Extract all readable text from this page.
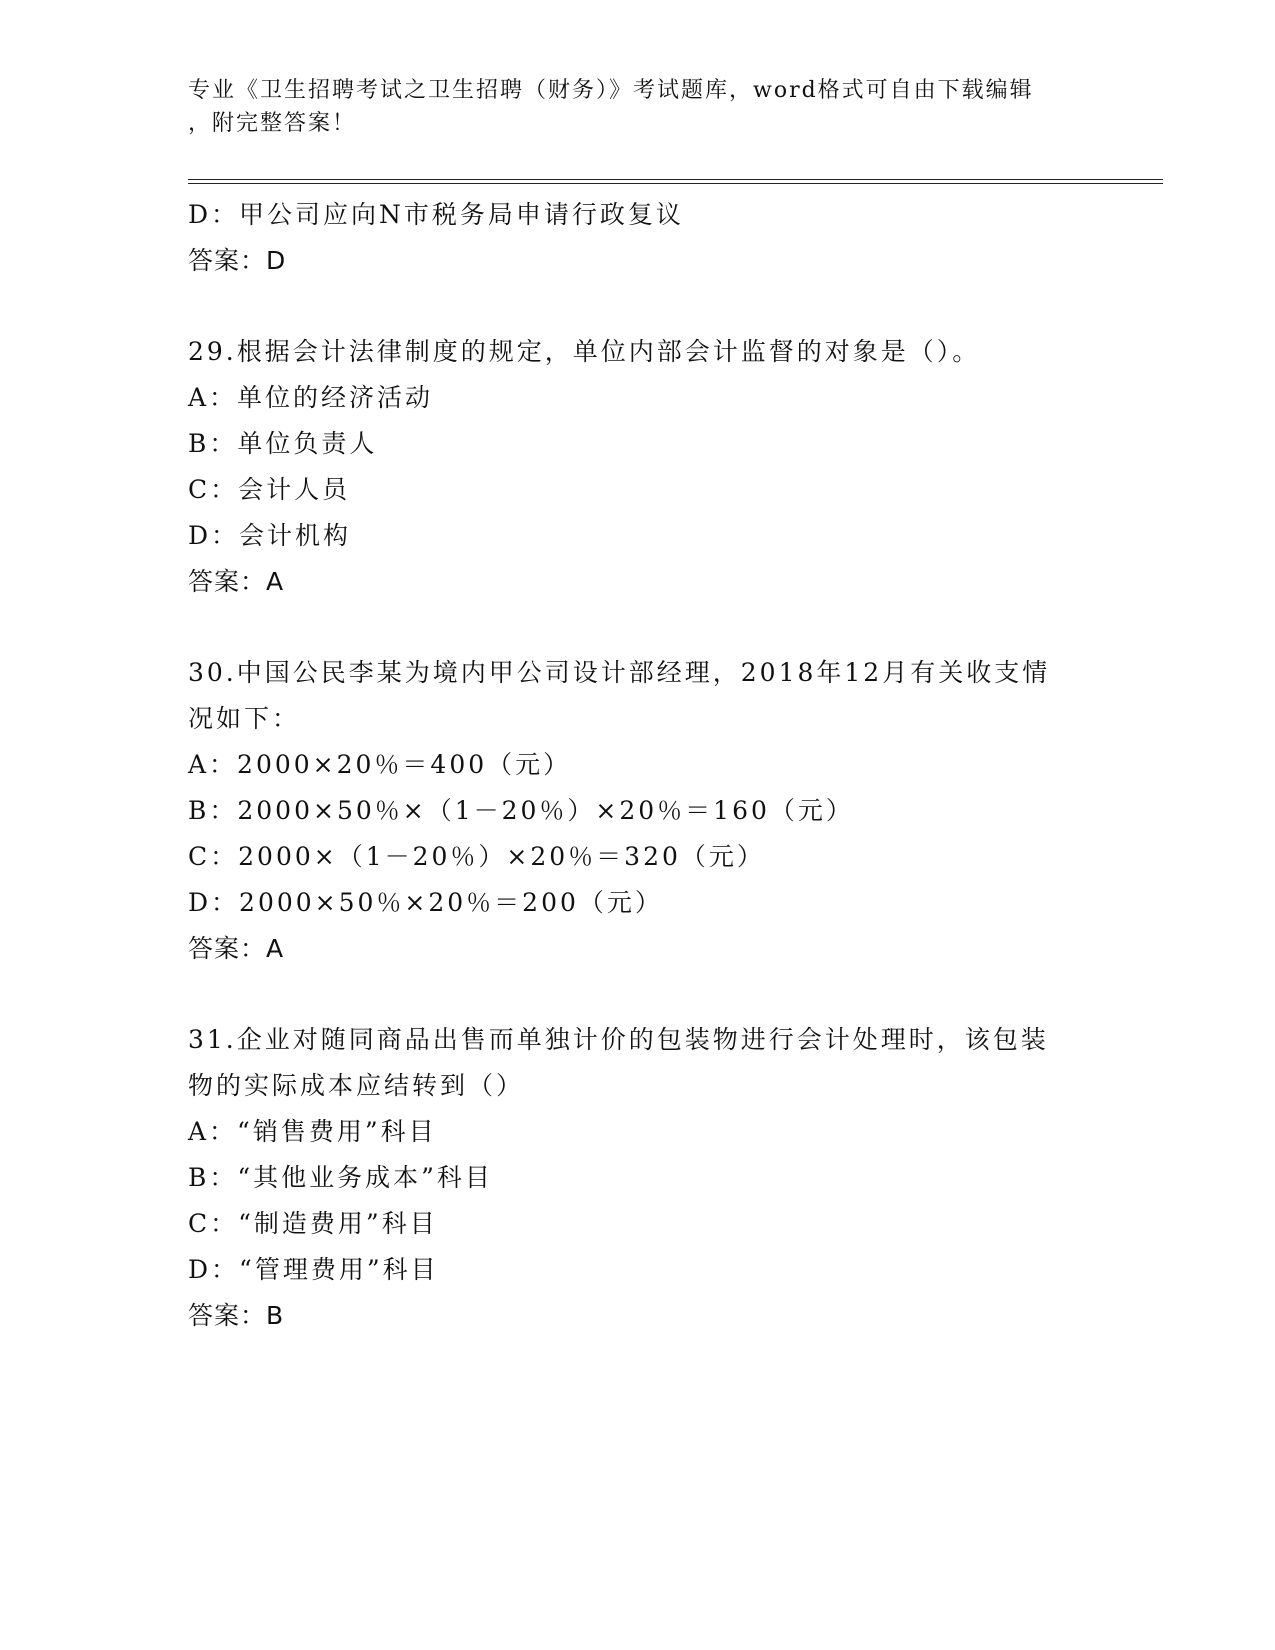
专业《卫生招聘考试之卫生招聘（财务）》考试题库，word格式可自由下载编辑
，附完整答案！
D：甲公司应向N市税务局申请行政复议
答案：D
29.根据会计法律制度的规定，单位内部会计监督的对象是（）。
A：单位的经济活动
B：单位负责人
C：会计人员
D：会计机构
答案：A
30.中国公民李某为境内甲公司设计部经理，2018年12月有关收支情
况如下：
A：2000×20％＝400（元）
B：2000×50％×（1－20％）×20％＝160（元）
C：2000×（1－20％）×20％＝320（元）
D：2000×50％×20％＝200（元）
答案：A
31.企业对随同商品出售而单独计价的包装物进行会计处理时，该包装
物的实际成本应结转到（）
A：“销售费用”科目
B：“其他业务成本”科目
C：“制造费用”科目
D：“管理费用”科目
答案：B
